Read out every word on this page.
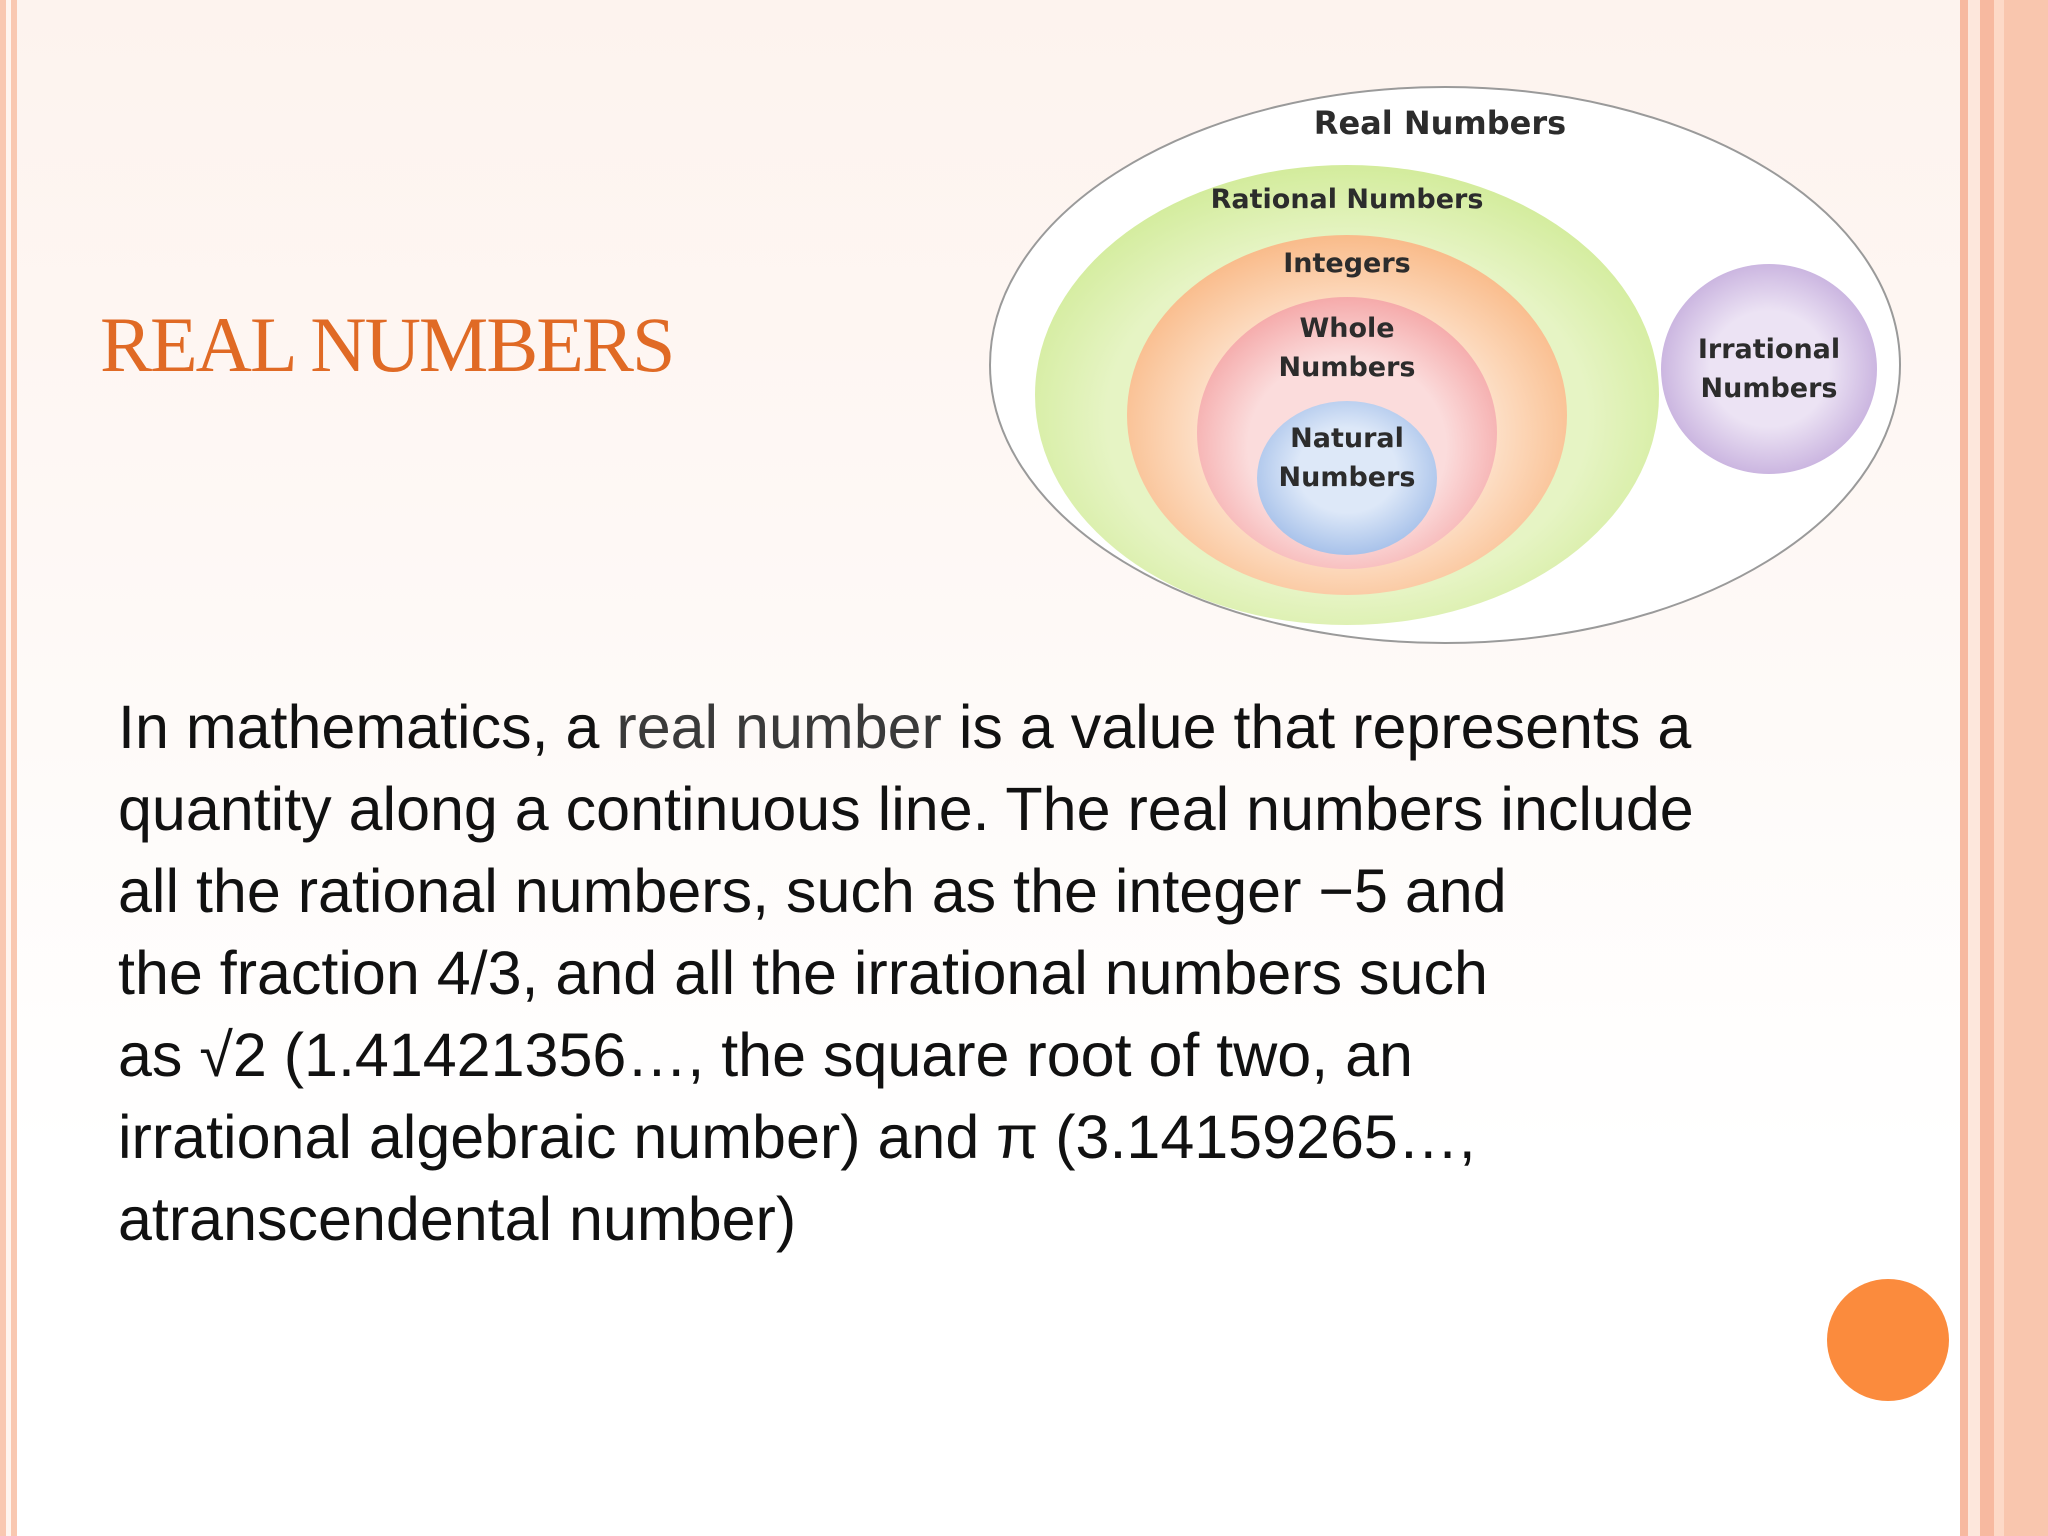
REAL NUMBERS
Real Numbers
Rational Numbers
Integers
Whole
Numbers
Natural
Numbers
Irrational
Numbers
In mathematics, a real number is a value that represents a
quantity along a continuous line. The real numbers include
all the rational numbers, such as the integer −5 and
the fraction 4/3, and all the irrational numbers such
as √2 (1.41421356…, the square root of two, an
irrational algebraic number) and π (3.14159265…,
atranscendental number)
